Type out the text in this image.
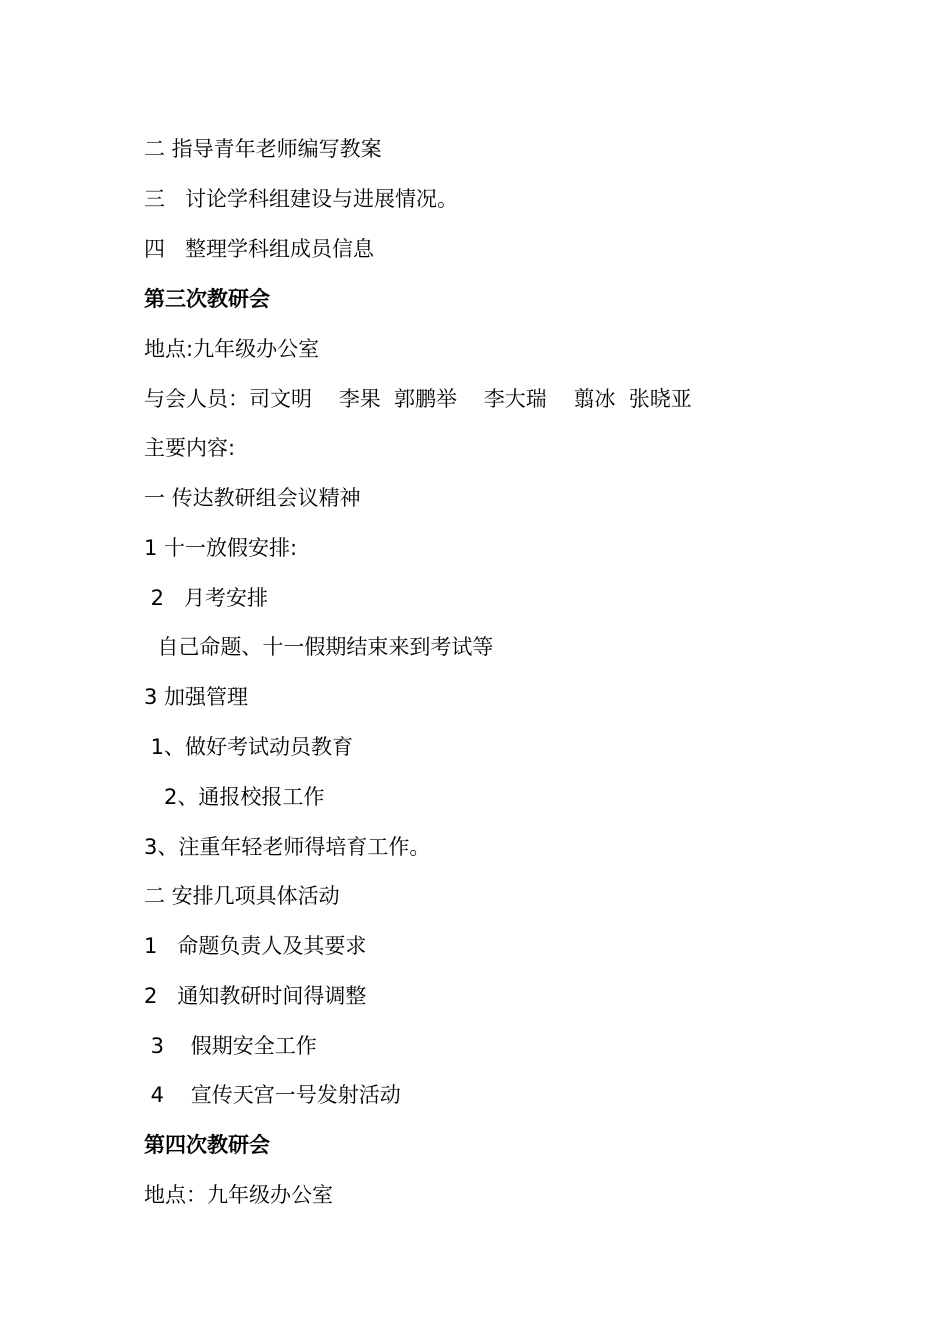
二 指导青年老师编写教案

三   讨论学科组建设与进展情况。

四   整理学科组成员信息

第三次教研会

地点:九年级办公室

与会人员：司文明    李果  郭鹏举    李大瑞    翦冰  张晓亚

主要内容:

一 传达教研组会议精神

1 十一放假安排:

2   月考安排

自己命题、十一假期结束来到考试等

3 加强管理

1、做好考试动员教育

2、通报校报工作

3、注重年轻老师得培育工作。

二 安排几项具体活动

1   命题负责人及其要求

2   通知教研时间得调整

3    假期安全工作

4    宣传天宫一号发射活动

第四次教研会

地点：九年级办公室
